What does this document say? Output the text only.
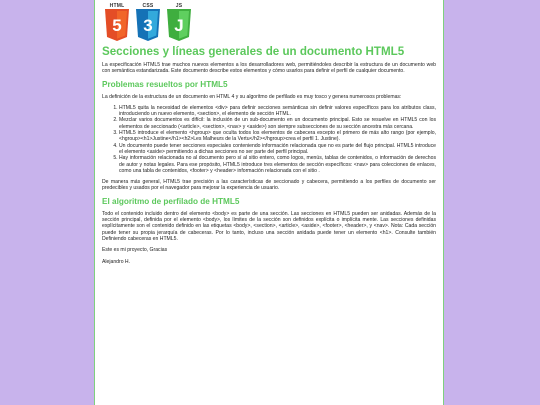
HTML
5
CSS
3
JS
J
Secciones y líneas generales de un documento HTML5

La especificación HTML5 trae muchos nuevos elementos a los desarrolladores web, permitiéndoles describir la estructura de un documento web con semántica estandarizada. Este documento describe estos elementos y cómo usarlos para definir el perfil de cualquier documento.

Problemas resueltos por HTML5

La definición de la estructura de un documento en HTML 4 y su algoritmo de perfilado es muy tosco y genera numerosos problemas:

1. HTML5 quita la necesidad de elementos <div> para definir secciones semánticas sin definir valores específicos para los atributos class, introduciendo un nuevo elemento, <section>, el elemento de sección HTML.
2. Mezclar varios documentos es difícil: la inclusión de un sub-documento en un documento principal. Esto se resuelve en HTML5 con los elementos de seccionado (<article>, <section>, <nav> y <aside>) son siempre subsecciones de su sección ancestra más cercana.
3. HTML5 introduce el elemento <hgroup> que oculta todos los elementos de cabecera excepto el primero de más alto rango (por ejemplo, <hgroup><h1>Justine</h1><h2>Les Malheurs de la Vertu</h2></hgroup>crea el perfil 1. Justine).
4. Un documento puede tener secciones especiales conteniendo información relacionada que no es parte del flujo principal. HTML5 introduce el elemento <aside> permitiendo a dichas secciones no ser parte del perfil principal.
5. Hay información relacionada no al documento pero sí al sitio entero, como logos, menús, tablas de contenidos, o información de derechos de autor y notas legales. Para ese propósito, HTML5 introduce tres elementos de sección específicos: <nav> para colecciones de enlaces, como una tabla de contenidos, <footer> y <header> información relacionada con el sitio .

De manera más general, HTML5 trae precisión a las características de seccionado y cabecera, permitiendo a los perfiles de documento ser predecibles y usados por el navegador para mejorar la experiencia de usuario.

El algoritmo de perfilado de HTML5

Todo el contenido incluido dentro del elemento <body> es parte de una sección. Las secciones en HTML5 pueden ser anidadas. Además de la sección principal, definida por el elemento <body>, los límites de la sección son definidos explícita o implícita mente. Las secciones definidas explícitamente son el contenido definido en las etiquetas <body>, <section>, <article>, <aside>, <footer>, <header>, y <nav>. Nota: Cada sección puede tener su propia jerarquía de cabeceras. Por lo tanto, incluso una sección anidada puede tener un elemento <h1>. Consulte también Definiendo cabeceras en HTML5.

Este es mi proyecto, Gracias

Alejandro H.
